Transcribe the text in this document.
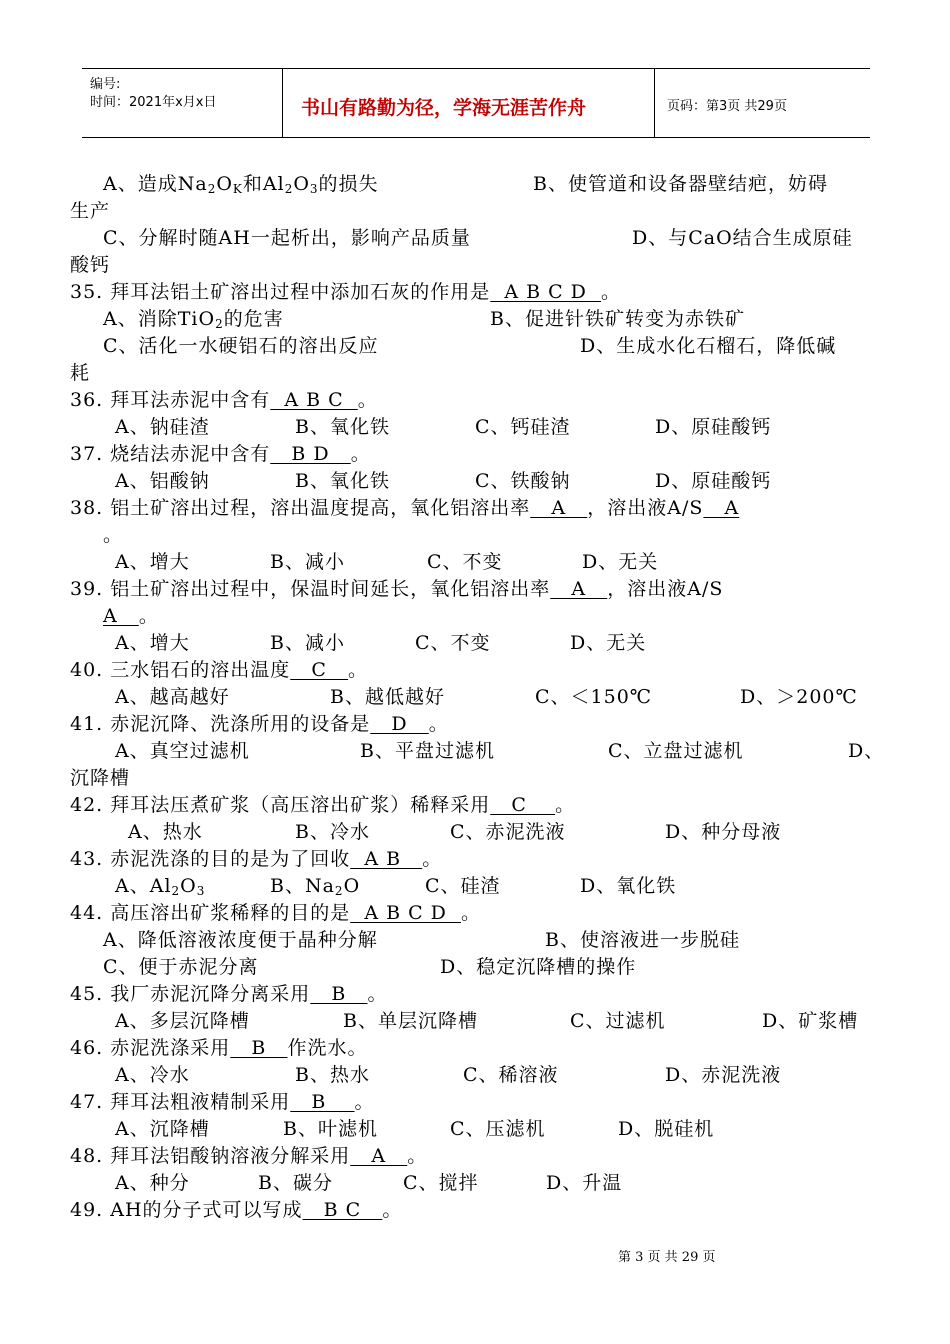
编号:
时间：2021年x月x日	书山有路勤为径，学海无涯苦作舟	页码：第3页 共29页
A、造成$Na_2O_K$和$Al_2O_3$的损失	B、使管道和设备器壁结疤，妨碍
生产
C、分解时随AH一起析出，影响产品质量	D、与CaO结合生成原硅
酸钙
35. 拜耳法铝土矿溶出过程中添加石灰的作用是  A B C D  。
A、消除TiO$_2$的危害	B、促进针铁矿转变为赤铁矿
C、活化一水硬铝石的溶出反应	D、生成水化石榴石，降低碱
耗
36. 拜耳法赤泥中含有  A B C  。
A、钠硅渣	B、氧化铁	C、钙硅渣	D、原硅酸钙
37. 烧结法赤泥中含有   B D   。
A、铝酸钠	B、氧化铁	C、铁酸钠	D、原硅酸钙
38. 铝土矿溶出过程，溶出温度提高，氧化铝溶出率   A   ，溶出液A/S   A
。
A、增大	B、减小	C、不变	D、无关
39. 铝土矿溶出过程中，保温时间延长，氧化铝溶出率   A   ，溶出液A/S
A   。
A、增大	B、减小	C、不变	D、无关
40. 三水铝石的溶出温度   C   。
A、越高越好	B、越低越好	C、＜150℃	D、＞200℃
41. 赤泥沉降、洗涤所用的设备是   D   。
A、真空过滤机	B、平盘过滤机	C、立盘过滤机	D、
沉降槽
42. 拜耳法压煮矿浆（高压溶出矿浆）稀释采用   C    。
A、热水	B、冷水	C、赤泥洗液	D、种分母液
43. 赤泥洗涤的目的是为了回收  A B   。
A、$Al_2O_3$	B、$Na_2O$	C、硅渣	D、氧化铁
44. 高压溶出矿浆稀释的目的是  A B C D  。
A、降低溶液浓度便于晶种分解	B、使溶液进一步脱硅
C、便于赤泥分离	D、稳定沉降槽的操作
45. 我厂赤泥沉降分离采用   B   。
A、多层沉降槽	B、单层沉降槽	C、过滤机	D、矿浆槽
46. 赤泥洗涤采用   B   作洗水。
A、冷水	B、热水	C、稀溶液	D、赤泥洗液
47. 拜耳法粗液精制采用   B    。
A、沉降槽	B、叶滤机	C、压滤机	D、脱硅机
48. 拜耳法铝酸钠溶液分解采用   A   。
A、种分	B、碳分	C、搅拌	D、升温
49. AH的分子式可以写成   B C   。
第 3 页 共 29 页
